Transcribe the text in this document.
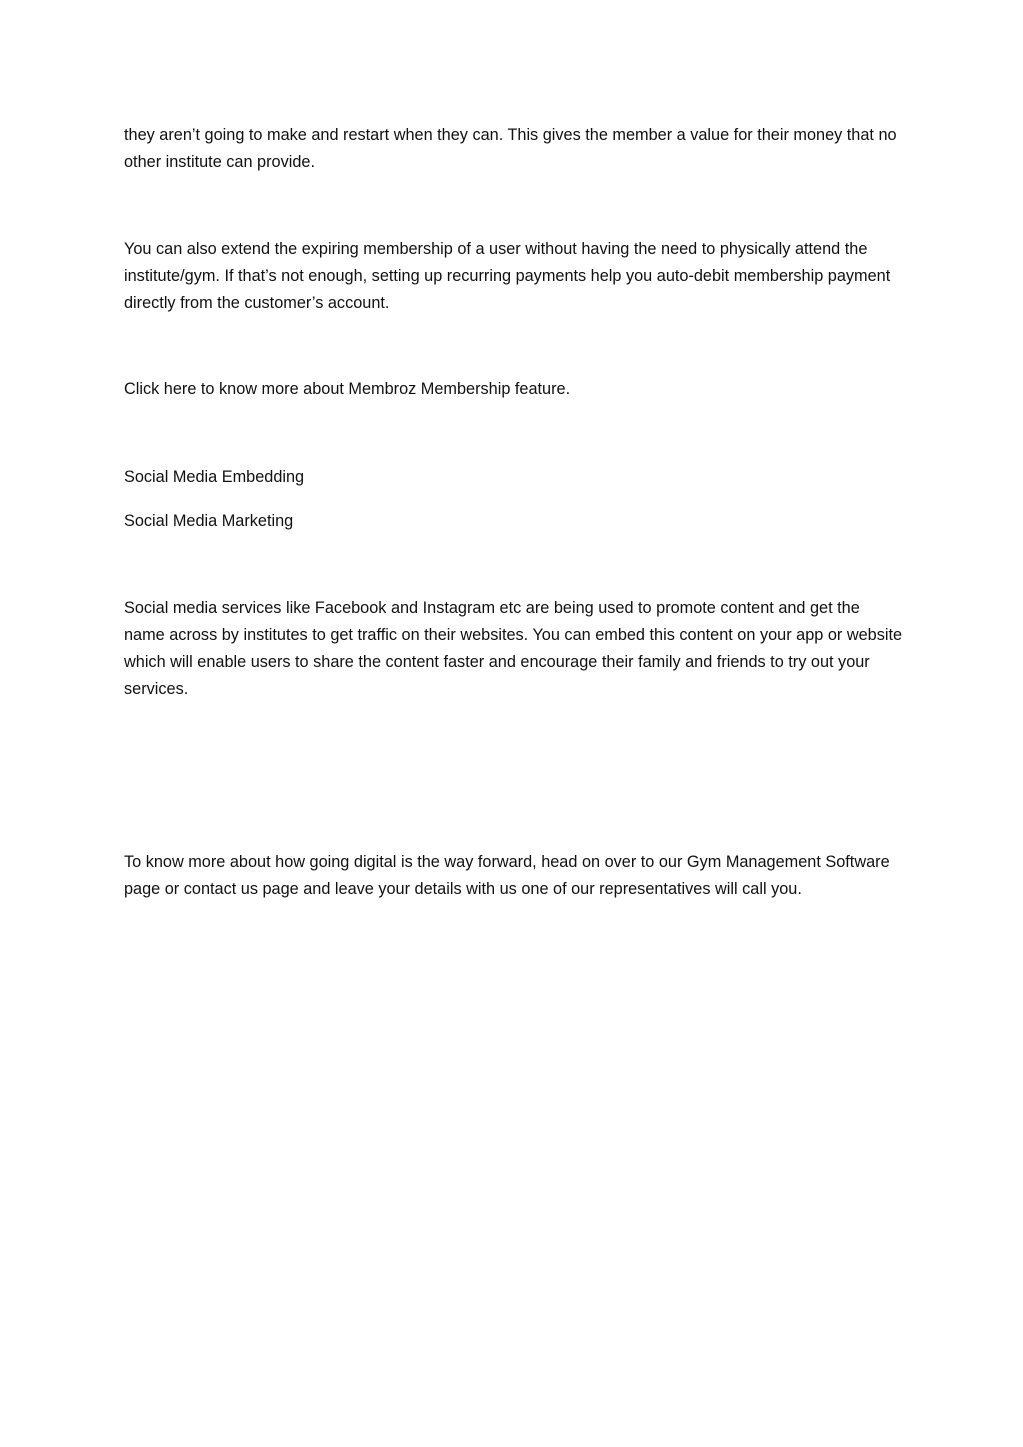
they aren’t going to make and restart when they can. This gives the member a value for their money that no other institute can provide.

You can also extend the expiring membership of a user without having the need to physically attend the institute/gym. If that’s not enough, setting up recurring payments help you auto-debit membership payment directly from the customer’s account.

Click here to know more about Membroz Membership feature.

Social Media Embedding

Social Media Marketing

Social media services like Facebook and Instagram etc are being used to promote content and get the name across by institutes to get traffic on their websites. You can embed this content on your app or website which will enable users to share the content faster and encourage their family and friends to try out your services.

To know more about how going digital is the way forward, head on over to our Gym Management Software page or contact us page and leave your details with us one of our representatives will call you.
